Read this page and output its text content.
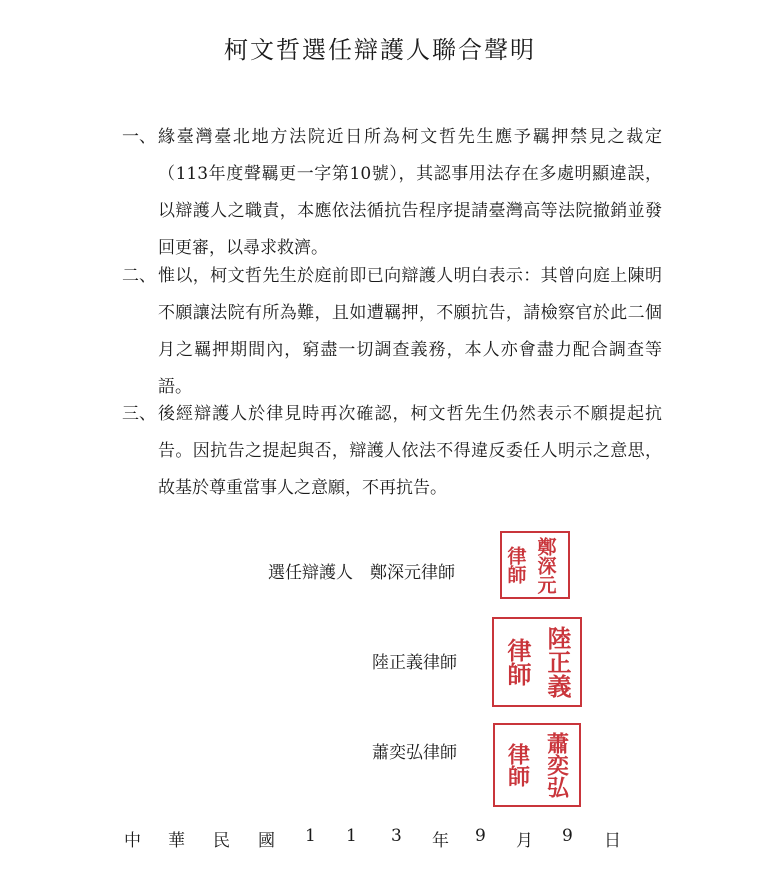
柯文哲選任辯護人聯合聲明
一、 緣臺灣臺北地方法院近日所為柯文哲先生應予羈押禁見之裁定（113年度聲羈更一字第10號），其認事用法存在多處明顯違誤，以辯護人之職責，本應依法循抗告程序提請臺灣高等法院撤銷並發回更審，以尋求救濟。
二、 惟以，柯文哲先生於庭前即已向辯護人明白表示：其曾向庭上陳明不願讓法院有所為難，且如遭羈押，不願抗告，請檢察官於此二個月之羈押期間內，窮盡一切調查義務，本人亦會盡力配合調查等語。
三、 後經辯護人於律見時再次確認，柯文哲先生仍然表示不願提起抗告。因抗告之提起與否，辯護人依法不得違反委任人明示之意思，故基於尊重當事人之意願，不再抗告。
選任辯護人　鄭深元律師	律師 鄭深元
陸正義律師 律師 陸正義
蕭奕弘律師 律師 蕭奕弘
中 華 民 國 1 1 3 年 9 月 9 日
